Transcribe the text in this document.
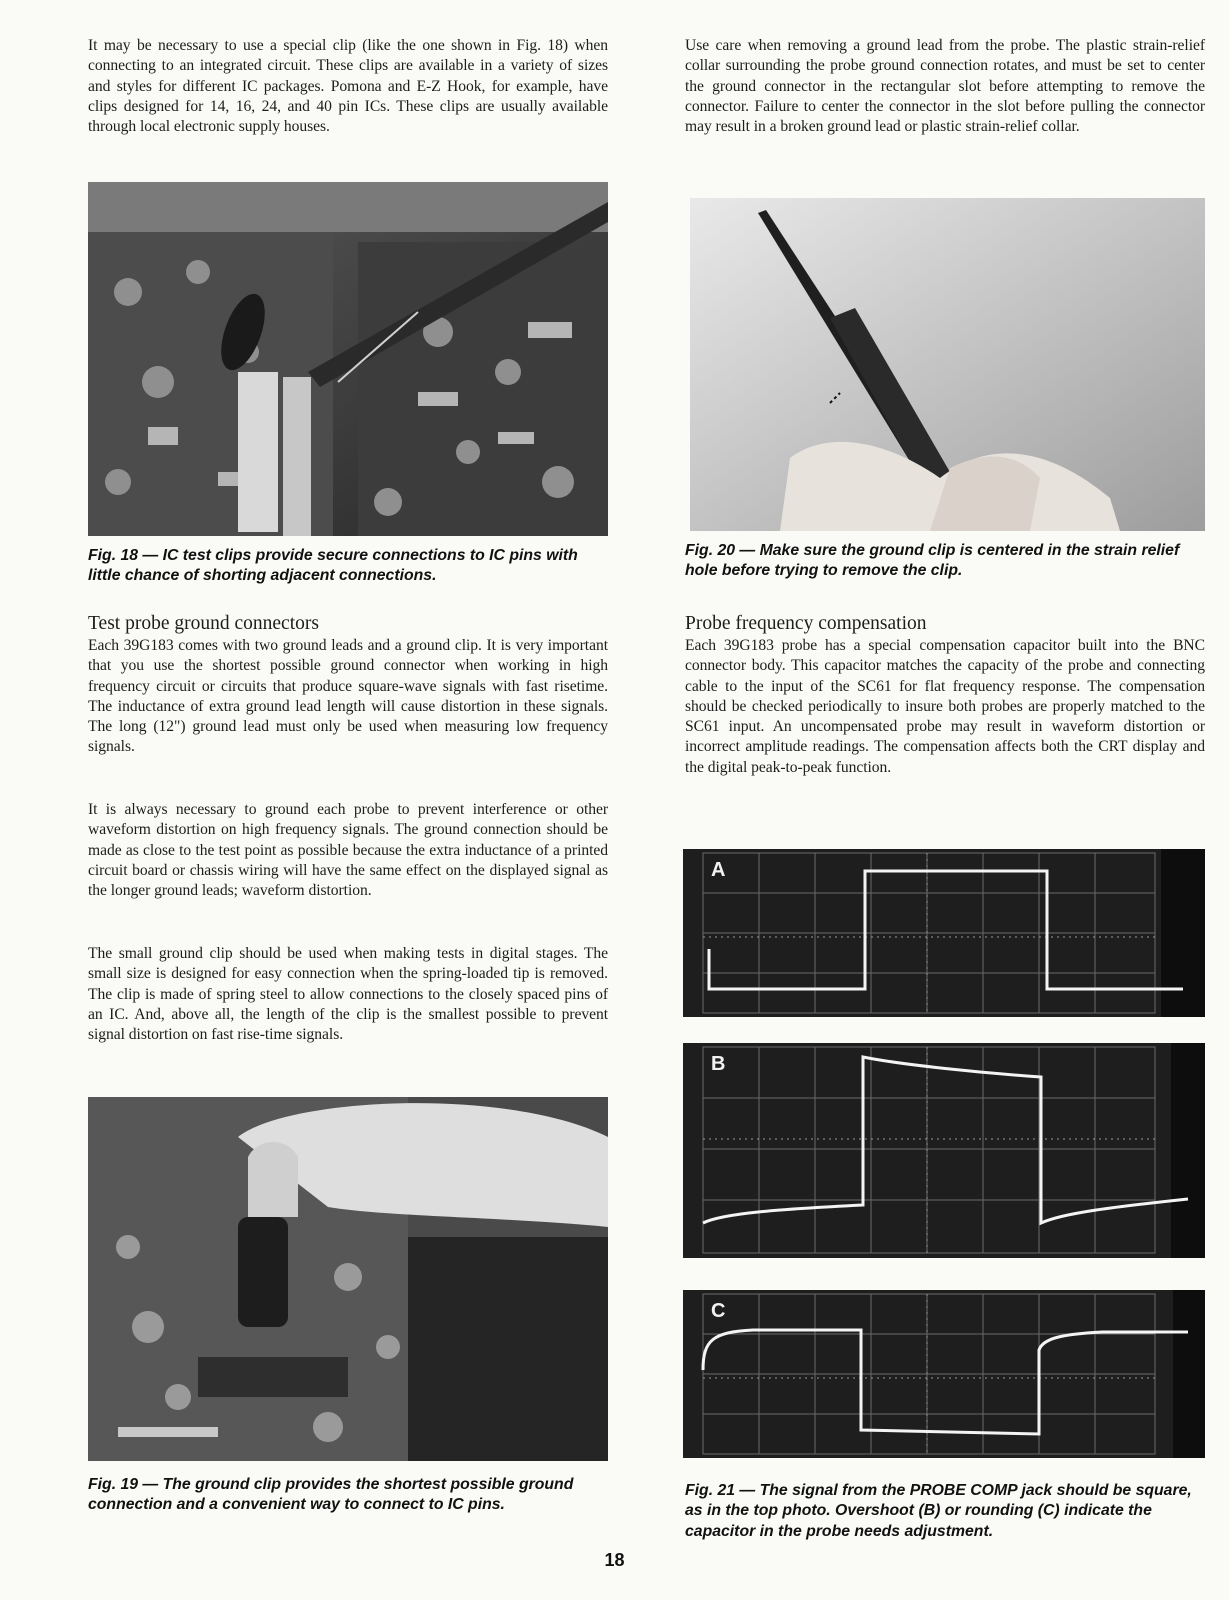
It may be necessary to use a special clip (like the one shown in Fig. 18) when connecting to an integrated circuit. These clips are available in a variety of sizes and styles for different IC packages. Pomona and E-Z Hook, for example, have clips designed for 14, 16, 24, and 40 pin ICs. These clips are usually available through local electronic supply houses.

Fig. 18 — IC test clips provide secure connections to IC pins with little chance of shorting adjacent connections.

Test probe ground connectors

Each 39G183 comes with two ground leads and a ground clip. It is very important that you use the shortest possible ground connector when working in high frequency circuit or circuits that produce square-wave signals with fast risetime. The inductance of extra ground lead length will cause distortion in these signals. The long (12") ground lead must only be used when measuring low frequency signals.

It is always necessary to ground each probe to prevent interference or other waveform distortion on high frequency signals. The ground connection should be made as close to the test point as possible because the extra inductance of a printed circuit board or chassis wiring will have the same effect on the displayed signal as the longer ground leads; waveform distortion.

The small ground clip should be used when making tests in digital stages. The small size is designed for easy connection when the spring-loaded tip is removed. The clip is made of spring steel to allow connections to the closely spaced pins of an IC. And, above all, the length of the clip is the smallest possible to prevent signal distortion on fast rise-time signals.

Fig. 19 — The ground clip provides the shortest possible ground connection and a convenient way to connect to IC pins.

Use care when removing a ground lead from the probe. The plastic strain-relief collar surrounding the probe ground connection rotates, and must be set to center the ground connector in the rectangular slot before attempting to remove the connector. Failure to center the connector in the slot before pulling the connector may result in a broken ground lead or plastic strain-relief collar.

Fig. 20 — Make sure the ground clip is centered in the strain relief hole before trying to remove the clip.

Probe frequency compensation

Each 39G183 probe has a special compensation capacitor built into the BNC connector body. This capacitor matches the capacity of the probe and connecting cable to the input of the SC61 for flat frequency response. The compensation should be checked periodically to insure both probes are properly matched to the SC61 input. An uncompensated probe may result in waveform distortion or incorrect amplitude readings. The compensation affects both the CRT display and the digital peak-to-peak function.

A
B
C

Fig. 21 — The signal from the PROBE COMP jack should be square, as in the top photo. Overshoot (B) or rounding (C) indicate the capacitor in the probe needs adjustment.

18
